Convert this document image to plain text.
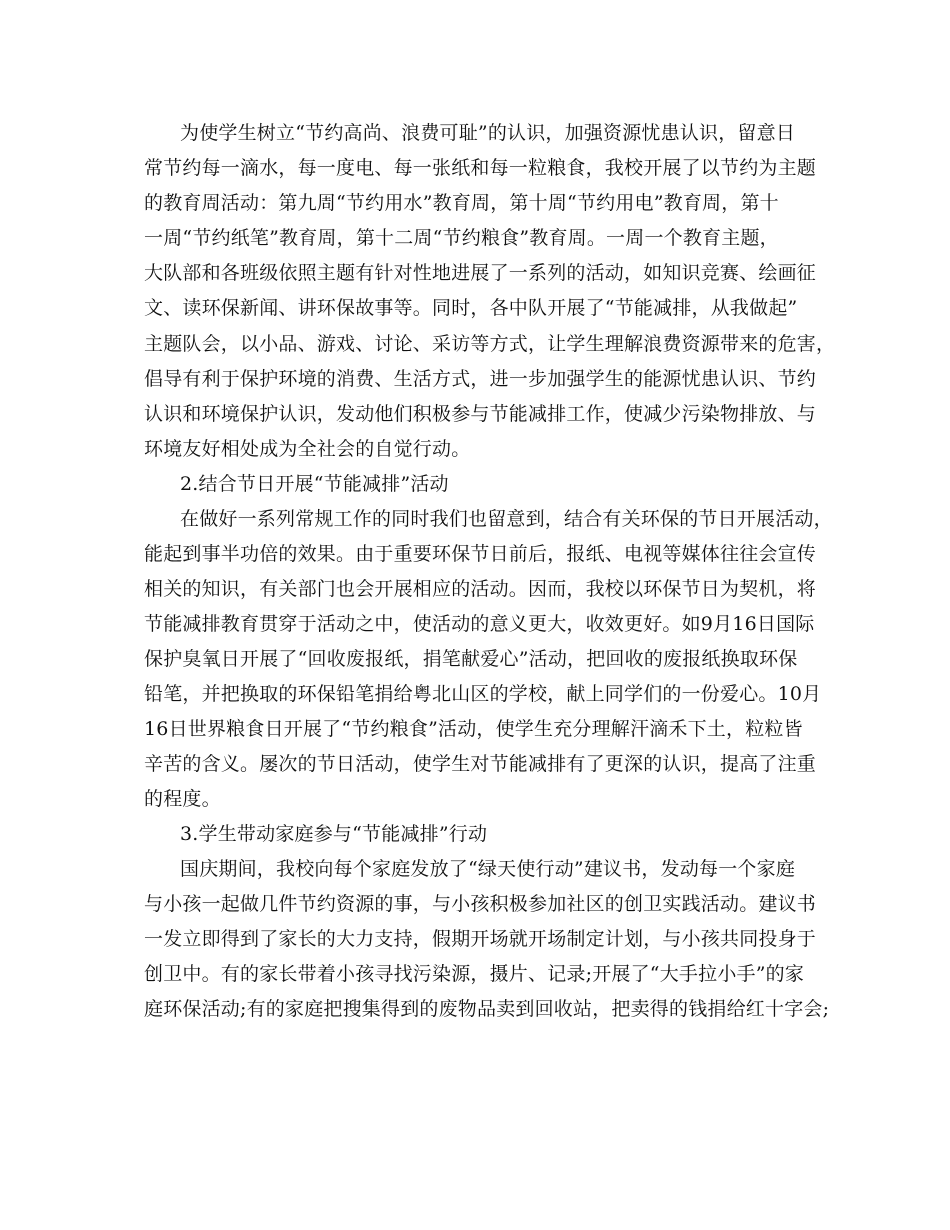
为使学生树立“节约高尚、浪费可耻”的认识，加强资源忧患认识，留意日
常节约每一滴水，每一度电、每一张纸和每一粒粮食，我校开展了以节约为主题
的教育周活动：第九周“节约用水”教育周，第十周“节约用电”教育周，第十
一周“节约纸笔”教育周，第十二周“节约粮食”教育周。一周一个教育主题，
大队部和各班级依照主题有针对性地进展了一系列的活动，如知识竞赛、绘画征
文、读环保新闻、讲环保故事等。同时，各中队开展了“节能减排，从我做起”
主题队会，以小品、游戏、讨论、采访等方式，让学生理解浪费资源带来的危害，
倡导有利于保护环境的消费、生活方式，进一步加强学生的能源忧患认识、节约
认识和环境保护认识，发动他们积极参与节能减排工作，使减少污染物排放、与
环境友好相处成为全社会的自觉行动。
2.结合节日开展“节能减排”活动
在做好一系列常规工作的同时我们也留意到，结合有关环保的节日开展活动，
能起到事半功倍的效果。由于重要环保节日前后，报纸、电视等媒体往往会宣传
相关的知识，有关部门也会开展相应的活动。因而，我校以环保节日为契机，将
节能减排教育贯穿于活动之中，使活动的意义更大，收效更好。如9月16日国际
保护臭氧日开展了“回收废报纸，捐笔献爱心”活动，把回收的废报纸换取环保
铅笔，并把换取的环保铅笔捐给粤北山区的学校，献上同学们的一份爱心。10月
16日世界粮食日开展了“节约粮食”活动，使学生充分理解汗滴禾下土，粒粒皆
辛苦的含义。屡次的节日活动，使学生对节能减排有了更深的认识，提高了注重
的程度。
3.学生带动家庭参与“节能减排”行动
国庆期间，我校向每个家庭发放了“绿天使行动”建议书，发动每一个家庭
与小孩一起做几件节约资源的事，与小孩积极参加社区的创卫实践活动。建议书
一发立即得到了家长的大力支持，假期开场就开场制定计划，与小孩共同投身于
创卫中。有的家长带着小孩寻找污染源，摄片、记录;开展了“大手拉小手”的家
庭环保活动;有的家庭把搜集得到的废物品卖到回收站，把卖得的钱捐给红十字会;
